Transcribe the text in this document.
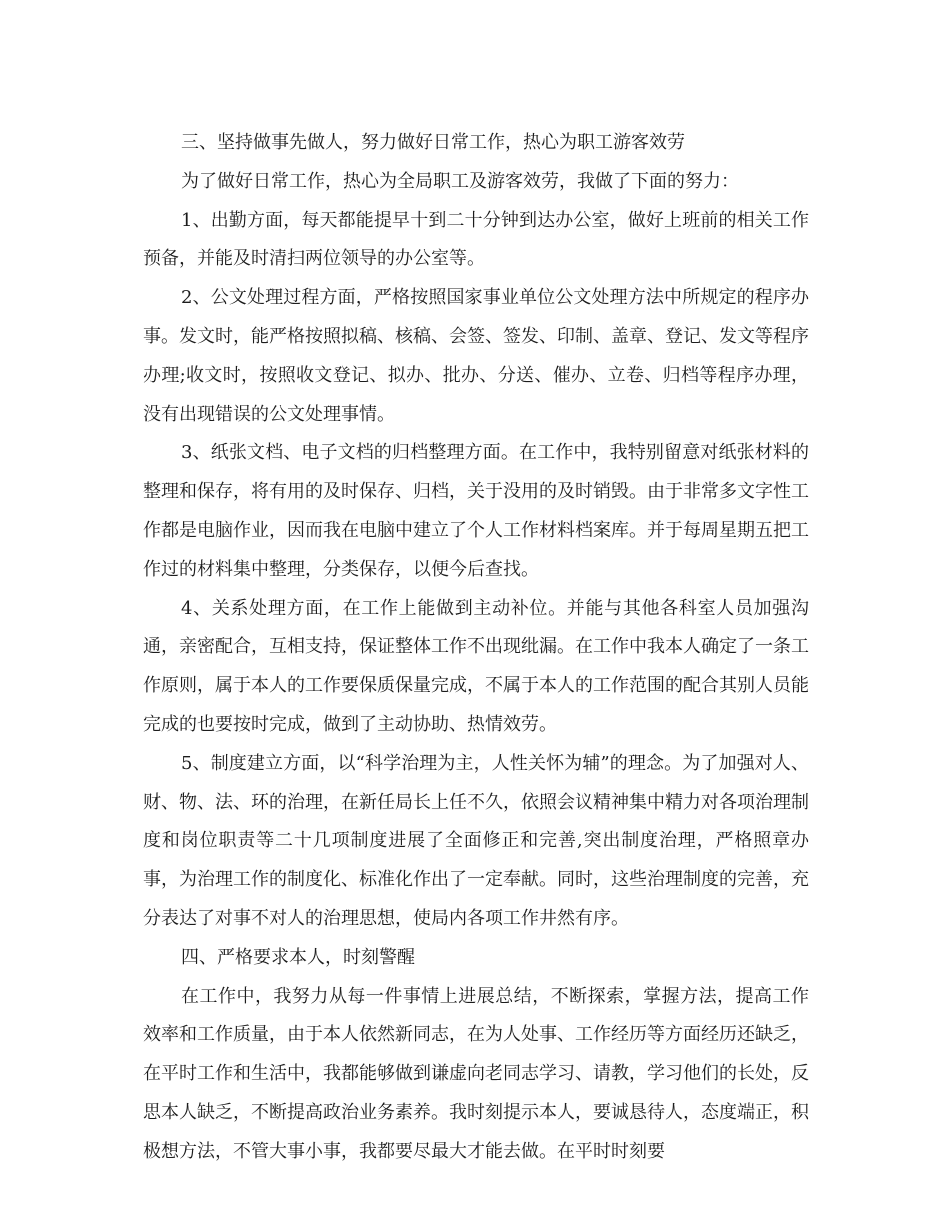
三、坚持做事先做人，努力做好日常工作，热心为职工游客效劳

为了做好日常工作，热心为全局职工及游客效劳，我做了下面的努力：

1、出勤方面，每天都能提早十到二十分钟到达办公室，做好上班前的相关工作预备，并能及时清扫两位领导的办公室等。

2、公文处理过程方面，严格按照国家事业单位公文处理方法中所规定的程序办事。发文时，能严格按照拟稿、核稿、会签、签发、印制、盖章、登记、发文等程序办理;收文时，按照收文登记、拟办、批办、分送、催办、立卷、归档等程序办理，没有出现错误的公文处理事情。

3、纸张文档、电子文档的归档整理方面。在工作中，我特别留意对纸张材料的整理和保存，将有用的及时保存、归档，关于没用的及时销毁。由于非常多文字性工作都是电脑作业，因而我在电脑中建立了个人工作材料档案库。并于每周星期五把工作过的材料集中整理，分类保存，以便今后查找。

4、关系处理方面，在工作上能做到主动补位。并能与其他各科室人员加强沟通，亲密配合，互相支持，保证整体工作不出现纰漏。在工作中我本人确定了一条工作原则，属于本人的工作要保质保量完成，不属于本人的工作范围的配合其别人员能完成的也要按时完成，做到了主动协助、热情效劳。

5、制度建立方面，以“科学治理为主，人性关怀为辅”的理念。为了加强对人、财、物、法、环的治理，在新任局长上任不久，依照会议精神集中精力对各项治理制度和岗位职责等二十几项制度进展了全面修正和完善,突出制度治理，严格照章办事，为治理工作的制度化、标准化作出了一定奉献。同时，这些治理制度的完善，充分表达了对事不对人的治理思想，使局内各项工作井然有序。

四、严格要求本人，时刻警醒

在工作中，我努力从每一件事情上进展总结，不断探索，掌握方法，提高工作效率和工作质量，由于本人依然新同志，在为人处事、工作经历等方面经历还缺乏，在平时工作和生活中，我都能够做到谦虚向老同志学习、请教，学习他们的长处，反思本人缺乏，不断提高政治业务素养。我时刻提示本人，要诚恳待人，态度端正，积极想方法，不管大事小事，我都要尽最大才能去做。在平时时刻要
